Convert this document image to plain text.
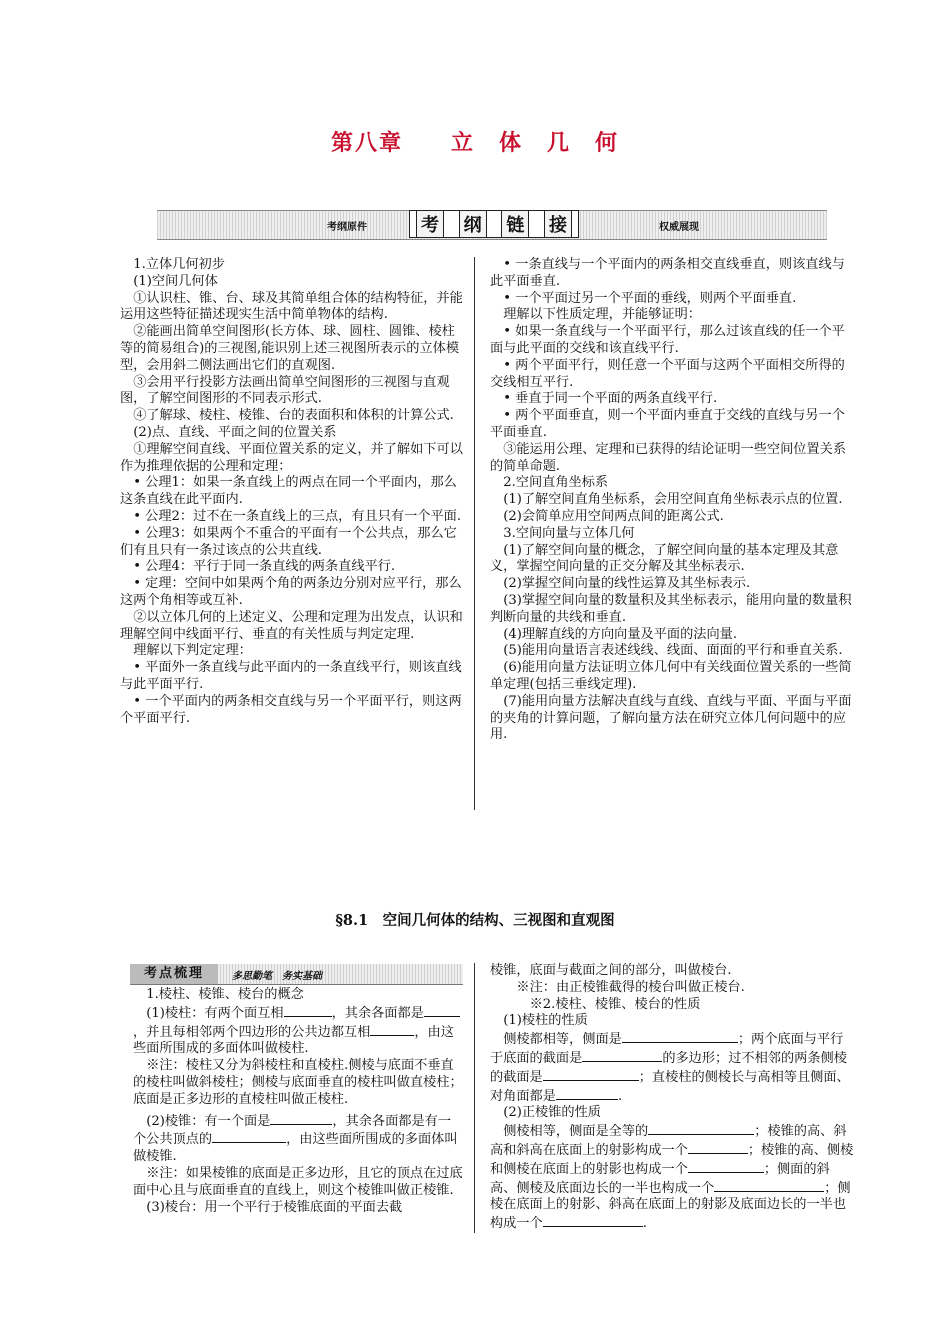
第八章　　立　体　几　何
考纲原件	考 纲 链 接	权威展现

1.立体几何初步

(1)空间几何体

①认识柱、锥、台、球及其简单组合体的结构特征，并能运用这些特征描述现实生活中简单物体的结构.

②能画出简单空间图形(长方体、球、圆柱、圆锥、棱柱等的简易组合)的三视图,能识别上述三视图所表示的立体模型，会用斜二侧法画出它们的直观图.

③会用平行投影方法画出简单空间图形的三视图与直观图，了解空间图形的不同表示形式.

④了解球、棱柱、棱锥、台的表面积和体积的计算公式.

(2)点、直线、平面之间的位置关系

①理解空间直线、平面位置关系的定义，并了解如下可以作为推理依据的公理和定理：

• 公理1：如果一条直线上的两点在同一个平面内，那么这条直线在此平面内.

• 公理2：过不在一条直线上的三点，有且只有一个平面.

• 公理3：如果两个不重合的平面有一个公共点，那么它们有且只有一条过该点的公共直线.

• 公理4：平行于同一条直线的两条直线平行.

• 定理：空间中如果两个角的两条边分别对应平行，那么这两个角相等或互补.

②以立体几何的上述定义、公理和定理为出发点，认识和理解空间中线面平行、垂直的有关性质与判定定理.

理解以下判定定理：

• 平面外一条直线与此平面内的一条直线平行，则该直线与此平面平行.

• 一个平面内的两条相交直线与另一个平面平行，则这两个平面平行.

• 一条直线与一个平面内的两条相交直线垂直，则该直线与此平面垂直.

• 一个平面过另一个平面的垂线，则两个平面垂直.

理解以下性质定理，并能够证明：

• 如果一条直线与一个平面平行，那么过该直线的任一个平面与此平面的交线和该直线平行.

• 两个平面平行，则任意一个平面与这两个平面相交所得的交线相互平行.

• 垂直于同一个平面的两条直线平行.

• 两个平面垂直，则一个平面内垂直于交线的直线与另一个平面垂直.

③能运用公理、定理和已获得的结论证明一些空间位置关系的简单命题.

2.空间直角坐标系

(1)了解空间直角坐标系，会用空间直角坐标表示点的位置.

(2)会简单应用空间两点间的距离公式.

3.空间向量与立体几何

(1)了解空间向量的概念，了解空间向量的基本定理及其意义，掌握空间向量的正交分解及其坐标表示.

(2)掌握空间向量的线性运算及其坐标表示.

(3)掌握空间向量的数量积及其坐标表示，能用向量的数量积判断向量的共线和垂直.

(4)理解直线的方向向量及平面的法向量.

(5)能用向量语言表述线线、线面、面面的平行和垂直关系.

(6)能用向量方法证明立体几何中有关线面位置关系的一些简单定理(包括三垂线定理).

(7)能用向量方法解决直线与直线、直线与平面、平面与平面的夹角的计算问题，了解向量方法在研究立体几何问题中的应用.

§8.1　空间几何体的结构、三视图和直观图
考点梳理	多思勤笔　务实基础

1.棱柱、棱锥、棱台的概念

(1)棱柱：有两个面互相	，其余各面都是，并且每相邻两个四边形的公共边都互相	，由这些面所围成的多面体叫做棱柱.

※注：棱柱又分为斜棱柱和直棱柱.侧棱与底面不垂直的棱柱叫做斜棱柱；侧棱与底面垂直的棱柱叫做直棱柱；底面是正多边形的直棱柱叫做正棱柱.

(2)棱锥：有一个面是	，其余各面都是有一个公共顶点的	，由这些面所围成的多面体叫做棱锥.

※注：如果棱锥的底面是正多边形，且它的顶点在过底面中心且与底面垂直的直线上，则这个棱锥叫做正棱锥.

(3)棱台：用一个平行于棱锥底面的平面去截

棱锥，底面与截面之间的部分，叫做棱台.

※注：由正棱锥截得的棱台叫做正棱台.

※2.棱柱、棱锥、棱台的性质

(1)棱柱的性质

侧棱都相等，侧面是	；两个底面与平行于底面的截面是	的多边形；过不相邻的两条侧棱的截面是	；直棱柱的侧棱长与高相等且侧面、对角面都是	.

(2)正棱锥的性质

侧棱相等，侧面是全等的	；棱锥的高、斜高和斜高在底面上的射影构成一个	；棱锥的高、侧棱和侧棱在底面上的射影也构成一个	；侧面的斜高、侧棱及底面边长的一半也构成一个	；侧棱在底面上的射影、斜高在底面上的射影及底面边长的一半也构成一个	.
